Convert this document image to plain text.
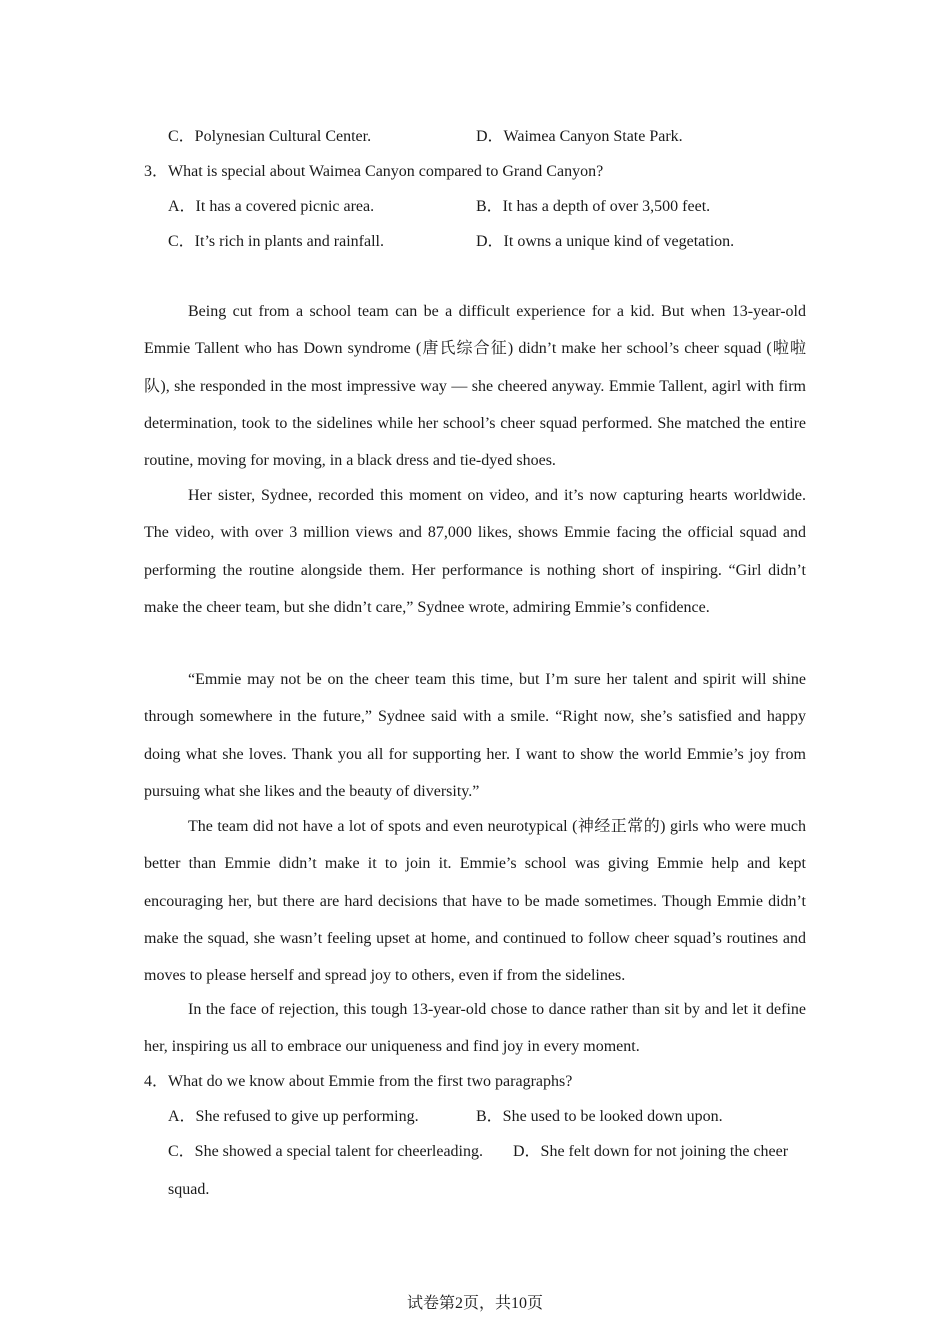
C．Polynesian Cultural Center.	D．Waimea Canyon State Park.
3．What is special about Waimea Canyon compared to Grand Canyon?
A．It has a covered picnic area.	B．It has a depth of over 3,500 feet.
C．It’s rich in plants and rainfall.	D．It owns a unique kind of vegetation.
Being cut from a school team can be a difficult experience for a kid. But when 13-year-old Emmie Tallent who has Down syndrome (唐氏综合征) didn’t make her school’s cheer squad (啦啦队), she responded in the most impressive way — she cheered anyway. Emmie Tallent, agirl with firm determination, took to the sidelines while her school’s cheer squad performed. She matched the entire routine, moving for moving, in a black dress and tie-dyed shoes.
Her sister, Sydnee, recorded this moment on video, and it’s now capturing hearts worldwide. The video, with over 3 million views and 87,000 likes, shows Emmie facing the official squad and performing the routine alongside them. Her performance is nothing short of inspiring. “Girl didn’t make the cheer team, but she didn’t care,” Sydnee wrote, admiring Emmie’s confidence.
“Emmie may not be on the cheer team this time, but I’m sure her talent and spirit will shine through somewhere in the future,” Sydnee said with a smile. “Right now, she’s satisfied and happy doing what she loves. Thank you all for supporting her. I want to show the world Emmie’s joy from pursuing what she likes and the beauty of diversity.”
The team did not have a lot of spots and even neurotypical (神经正常的) girls who were much better than Emmie didn’t make it to join it. Emmie’s school was giving Emmie help and kept encouraging her, but there are hard decisions that have to be made sometimes. Though Emmie didn’t make the squad, she wasn’t feeling upset at home, and continued to follow cheer squad’s routines and moves to please herself and spread joy to others, even if from the sidelines.
In the face of rejection, this tough 13-year-old chose to dance rather than sit by and let it define her, inspiring us all to embrace our uniqueness and find joy in every moment.
4．What do we know about Emmie from the first two paragraphs?
A．She refused to give up performing.	B．She used to be looked down upon.
C．She showed a special talent for cheerleading. D．She felt down for not joining the cheer
squad.
试卷第2页，共10页
